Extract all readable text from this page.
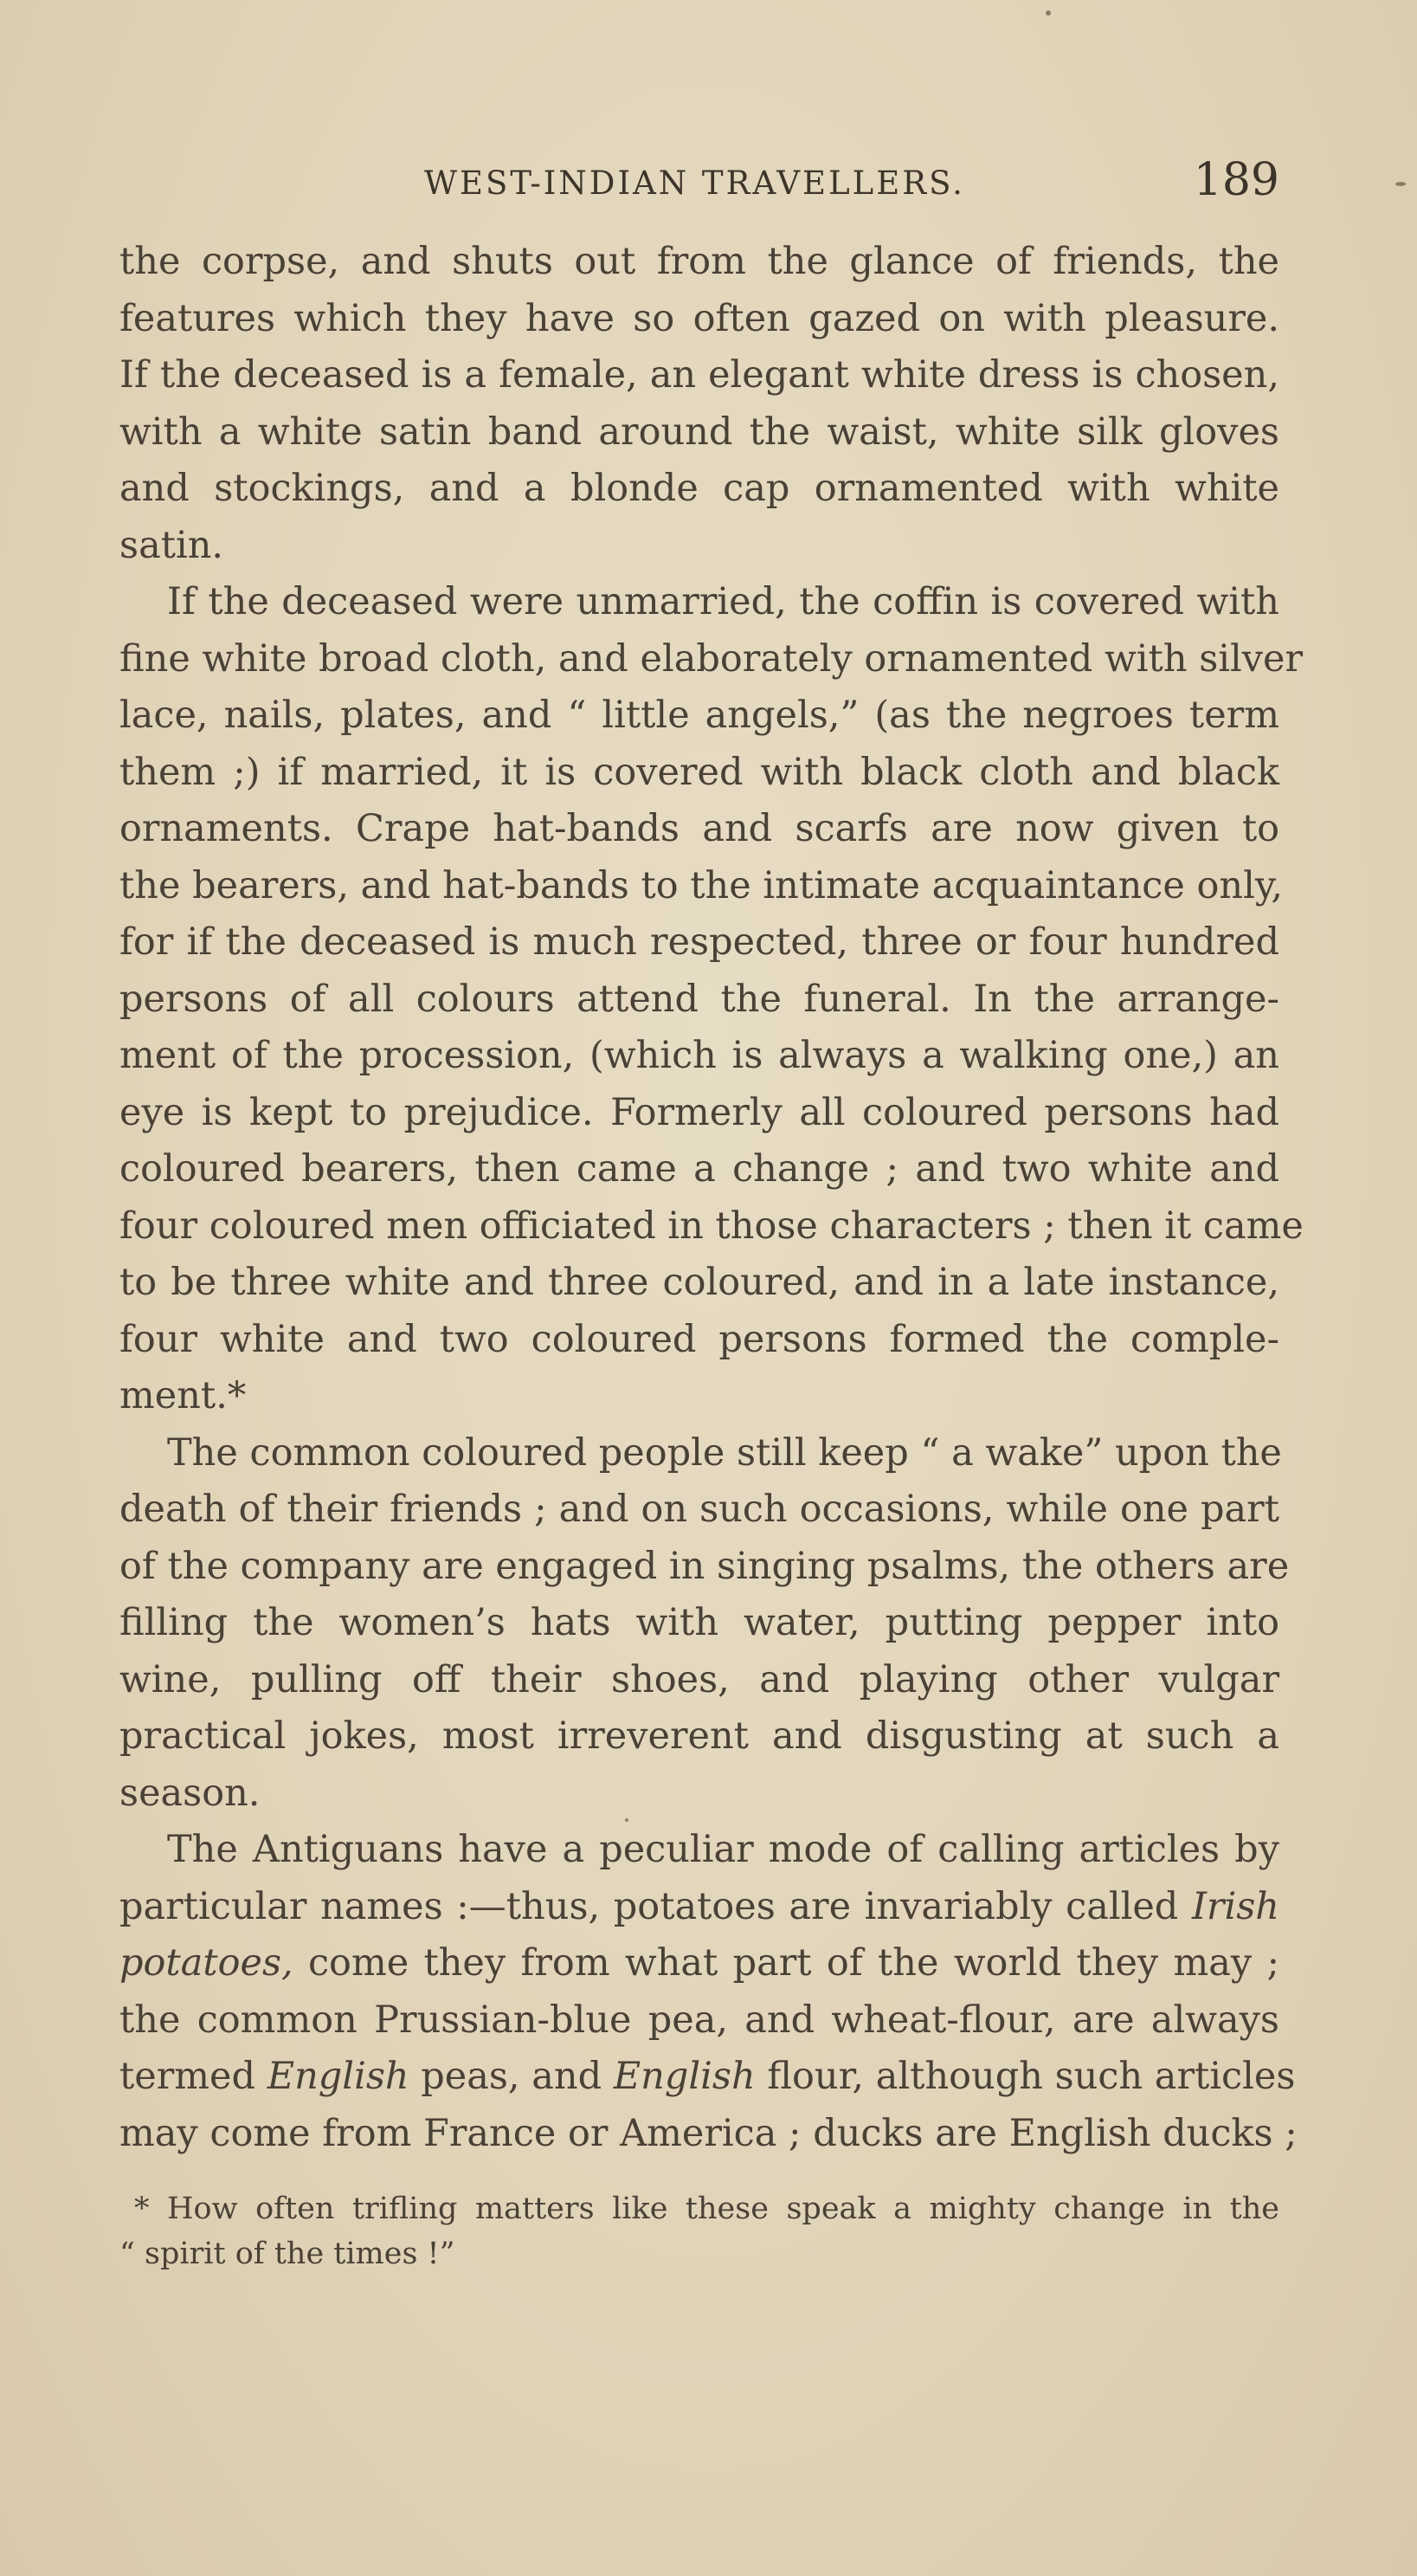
WEST-INDIAN TRAVELLERS.	189
the corpse, and shuts out from the glance of friends, the
features which they have so often gazed on with pleasure.
If the deceased is a female, an elegant white dress is chosen,
with a white satin band around the waist, white silk gloves
and stockings, and a blonde cap ornamented with white
satin.
If the deceased were unmarried, the coffin is covered with
fine white broad cloth, and elaborately ornamented with silver
lace, nails, plates, and “ little angels,” (as the negroes term
them ;) if married, it is covered with black cloth and black
ornaments. Crape hat-bands and scarfs are now given to
the bearers, and hat-bands to the intimate acquaintance only,
for if the deceased is much respected, three or four hundred
persons of all colours attend the funeral. In the arrange-
ment of the procession, (which is always a walking one,) an
eye is kept to prejudice. Formerly all coloured persons had
coloured bearers, then came a change ; and two white and
four coloured men officiated in those characters ; then it came
to be three white and three coloured, and in a late instance,
four white and two coloured persons formed the comple-
ment.*
The common coloured people still keep “ a wake” upon the
death of their friends ; and on such occasions, while one part
of the company are engaged in singing psalms, the others are
filling the women’s hats with water, putting pepper into
wine, pulling off their shoes, and playing other vulgar
practical jokes, most irreverent and disgusting at such a
season.
The Antiguans have a peculiar mode of calling articles by
particular names :—thus, potatoes are invariably called Irish
potatoes, come they from what part of the world they may ;
the common Prussian-blue pea, and wheat-flour, are always
termed English peas, and English flour, although such articles
may come from France or America ; ducks are English ducks ;
* How often trifling matters like these speak a mighty change in the
“ spirit of the times !”
